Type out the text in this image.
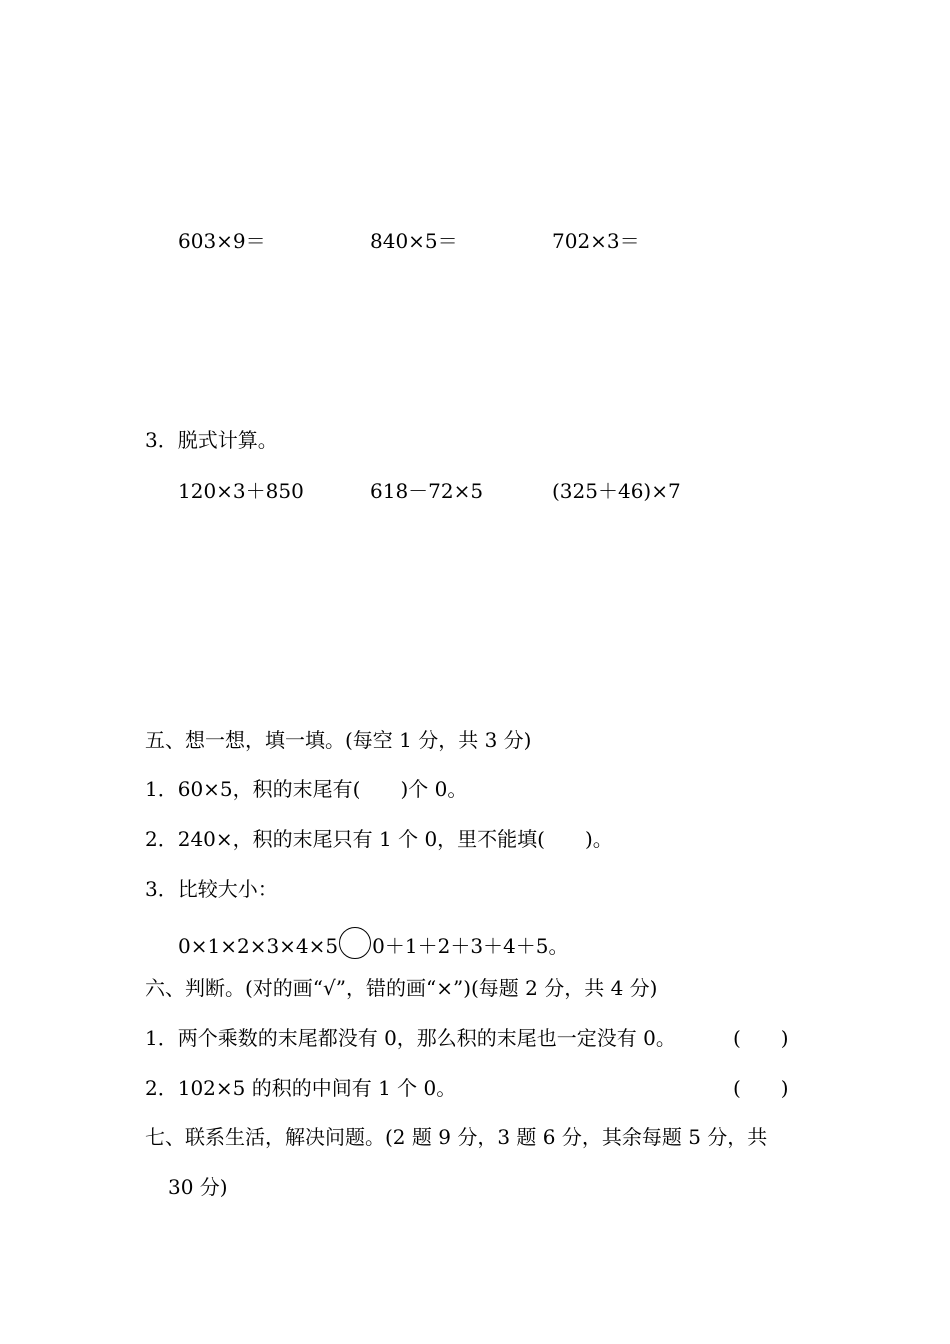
603×9＝	840×5＝	702×3＝
3．脱式计算。
120×3＋850	618－72×5	(325＋46)×7
五、想一想，填一填。(每空 1 分，共 3 分)
1．60×5，积的末尾有(　　)个 0。
2．240×，积的末尾只有 1 个 0，里不能填(　　)。
3．比较大小：
0×1×2×3×4×5 0＋1＋2＋3＋4＋5。
六、判断。(对的画“√”，错的画“×”)(每题 2 分，共 4 分)
1．两个乘数的末尾都没有 0，那么积的末尾也一定没有 0。	(　　)
2．102×5 的积的中间有 1 个 0。	(　　)
七、联系生活，解决问题。(2 题 9 分，3 题 6 分，其余每题 5 分，共
30 分)
